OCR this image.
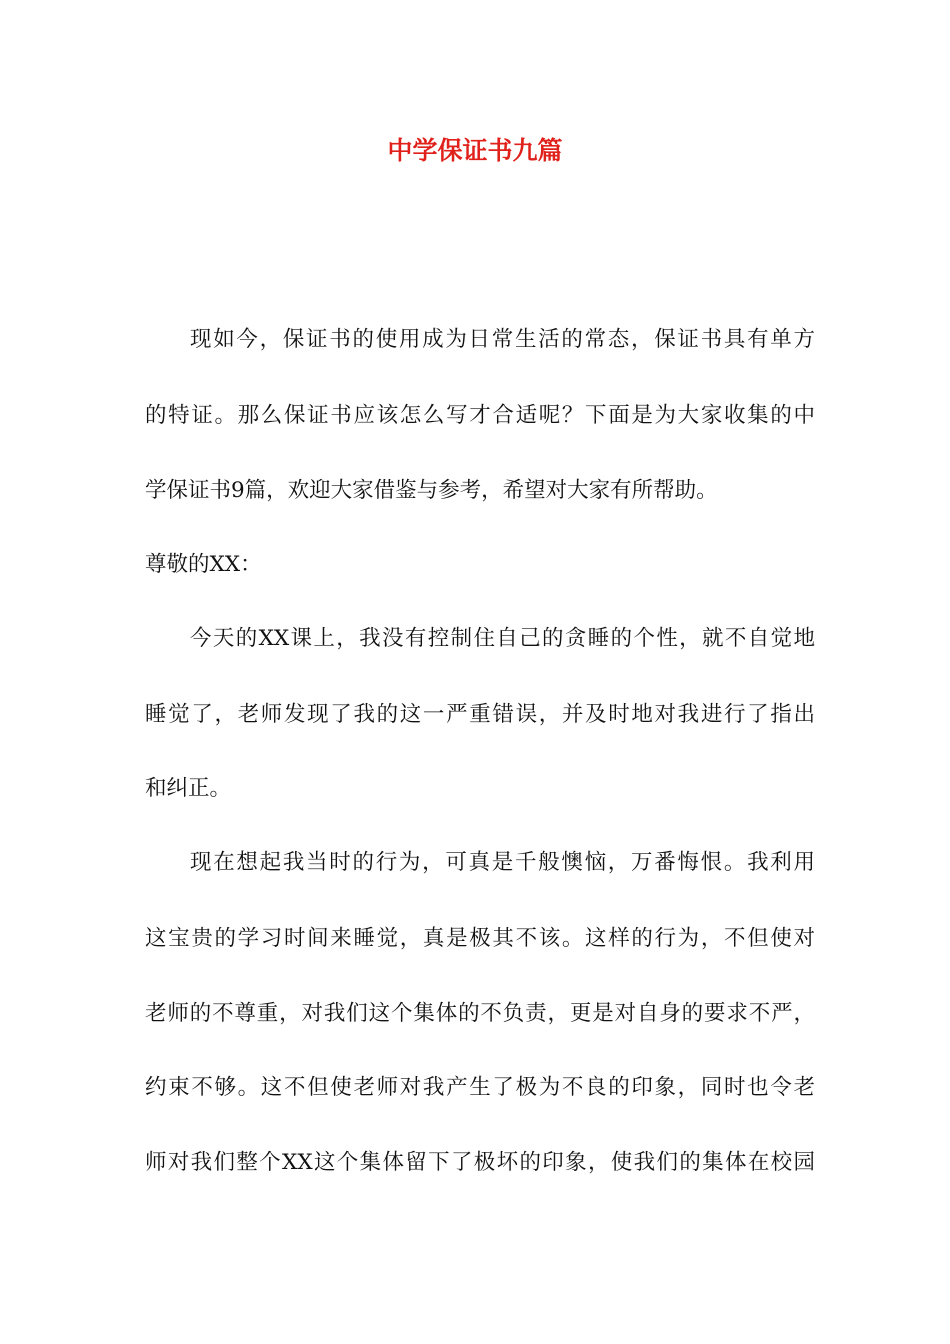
中学保证书九篇

现如今，保证书的使用成为日常生活的常态，保证书具有单方

的特证。那么保证书应该怎么写才合适呢？下面是为大家收集的中

学保证书9篇，欢迎大家借鉴与参考，希望对大家有所帮助。

尊敬的XX：

今天的XX课上，我没有控制住自己的贪睡的个性，就不自觉地

睡觉了，老师发现了我的这一严重错误，并及时地对我进行了指出

和纠正。

现在想起我当时的行为，可真是千般懊恼，万番悔恨。我利用

这宝贵的学习时间来睡觉，真是极其不该。这样的行为，不但使对

老师的不尊重，对我们这个集体的不负责，更是对自身的要求不严，

约束不够。这不但使老师对我产生了极为不良的印象，同时也令老

师对我们整个XX这个集体留下了极坏的印象，使我们的集体在校园
